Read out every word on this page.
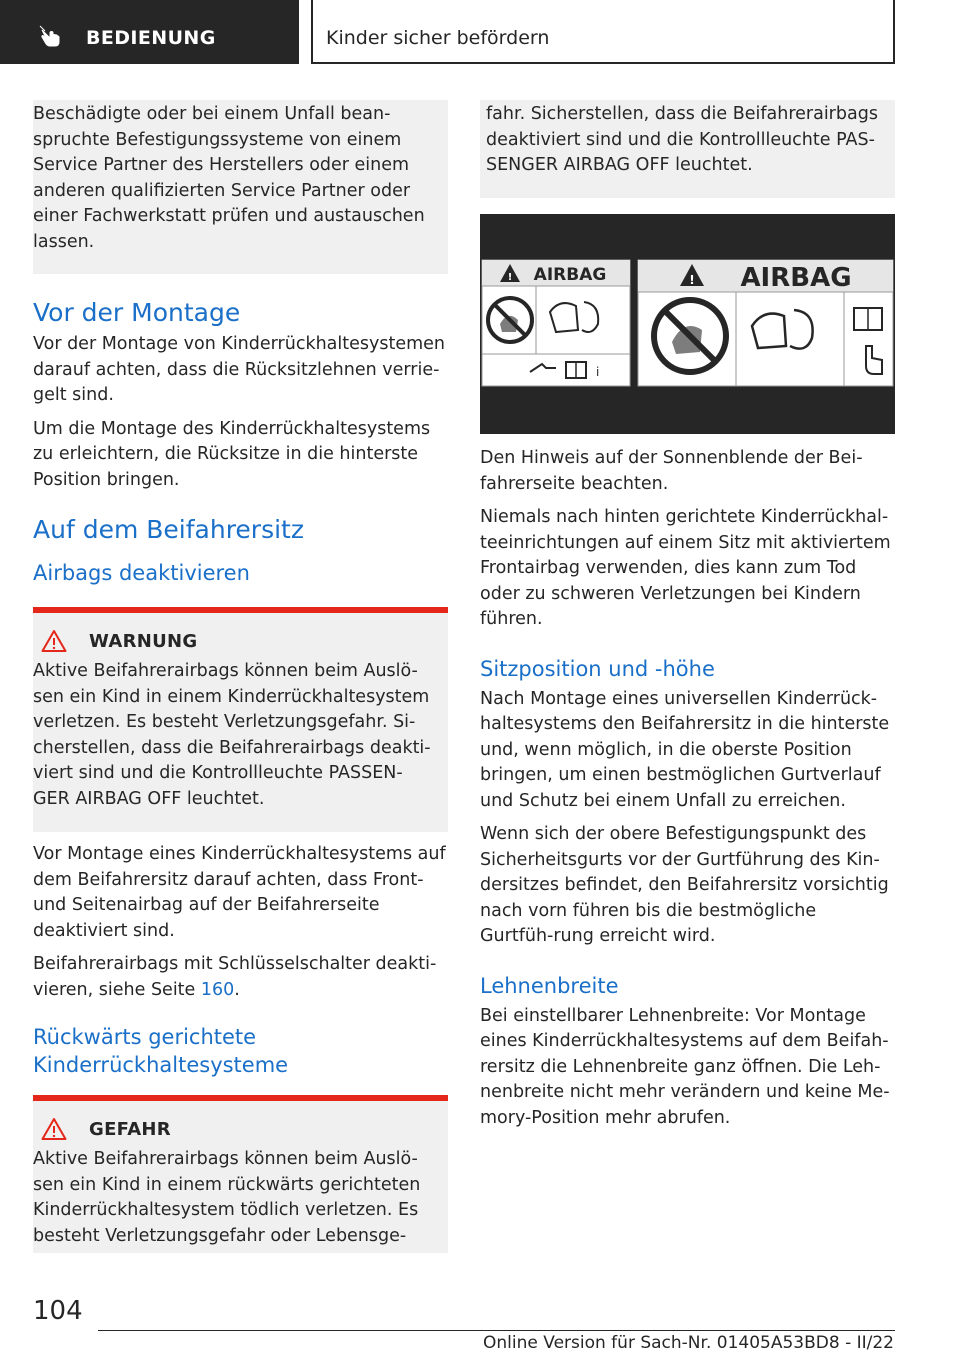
BEDIENUNG	Kinder sicher befördern

Beschädigte oder bei einem Unfall bean-spruchte Befestigungssysteme von einem Service Partner des Herstellers oder einem anderen qualifizierten Service Partner oder einer Fachwerkstatt prüfen und austauschen lassen.

Vor der Montage

Vor der Montage von Kinderrückhaltesystemen darauf achten, dass die Rücksitzlehnen verrie-gelt sind.

Um die Montage des Kinderrückhaltesystems zu erleichtern, die Rücksitze in die hinterste Position bringen.

Auf dem Beifahrersitz
Airbags deaktivieren
WARNUNG

Aktive Beifahrerairbags können beim Auslö-sen ein Kind in einem Kinderrückhaltesystem verletzen. Es besteht Verletzungsgefahr. Si-cherstellen, dass die Beifahrerairbags deakti-viert sind und die Kontrollleuchte PASSEN-GER AIRBAG OFF leuchtet.

Vor Montage eines Kinderrückhaltesystems auf dem Beifahrersitz darauf achten, dass Front- und Seitenairbag auf der Beifahrerseite deaktiviert sind.

Beifahrerairbags mit Schlüsselschalter deakti-vieren, siehe Seite 160.

Rückwärts gerichtete Kinderrückhaltesysteme
GEFAHR

Aktive Beifahrerairbags können beim Auslö-sen ein Kind in einem rückwärts gerichteten Kinderrückhaltesystem tödlich verletzen. Es besteht Verletzungsgefahr oder Lebensge-

fahr. Sicherstellen, dass die Beifahrerairbags deaktiviert sind und die Kontrollleuchte PAS-SENGER AIRBAG OFF leuchtet.

! AIRBAG
i
! AIRBAG

Den Hinweis auf der Sonnenblende der Bei-fahrerseite beachten.

Niemals nach hinten gerichtete Kinderrückhal-teeinrichtungen auf einem Sitz mit aktiviertem Frontairbag verwenden, dies kann zum Tod oder zu schweren Verletzungen bei Kindern führen.

Sitzposition und -höhe

Nach Montage eines universellen Kinderrück-haltesystems den Beifahrersitz in die hinterste und, wenn möglich, in die oberste Position bringen, um einen bestmöglichen Gurtverlauf und Schutz bei einem Unfall zu erreichen.

Wenn sich der obere Befestigungspunkt des Sicherheitsgurts vor der Gurtführung des Kin-dersitzes befindet, den Beifahrersitz vorsichtig nach vorn führen bis die bestmögliche Gurtfüh-rung erreicht wird.

Lehnenbreite

Bei einstellbarer Lehnenbreite: Vor Montage eines Kinderrückhaltesystems auf dem Beifah-rersitz die Lehnenbreite ganz öffnen. Die Leh-nenbreite nicht mehr verändern und keine Me-mory-Position mehr abrufen.

104
Online Version für Sach-Nr. 01405A53BD8 - II/22
